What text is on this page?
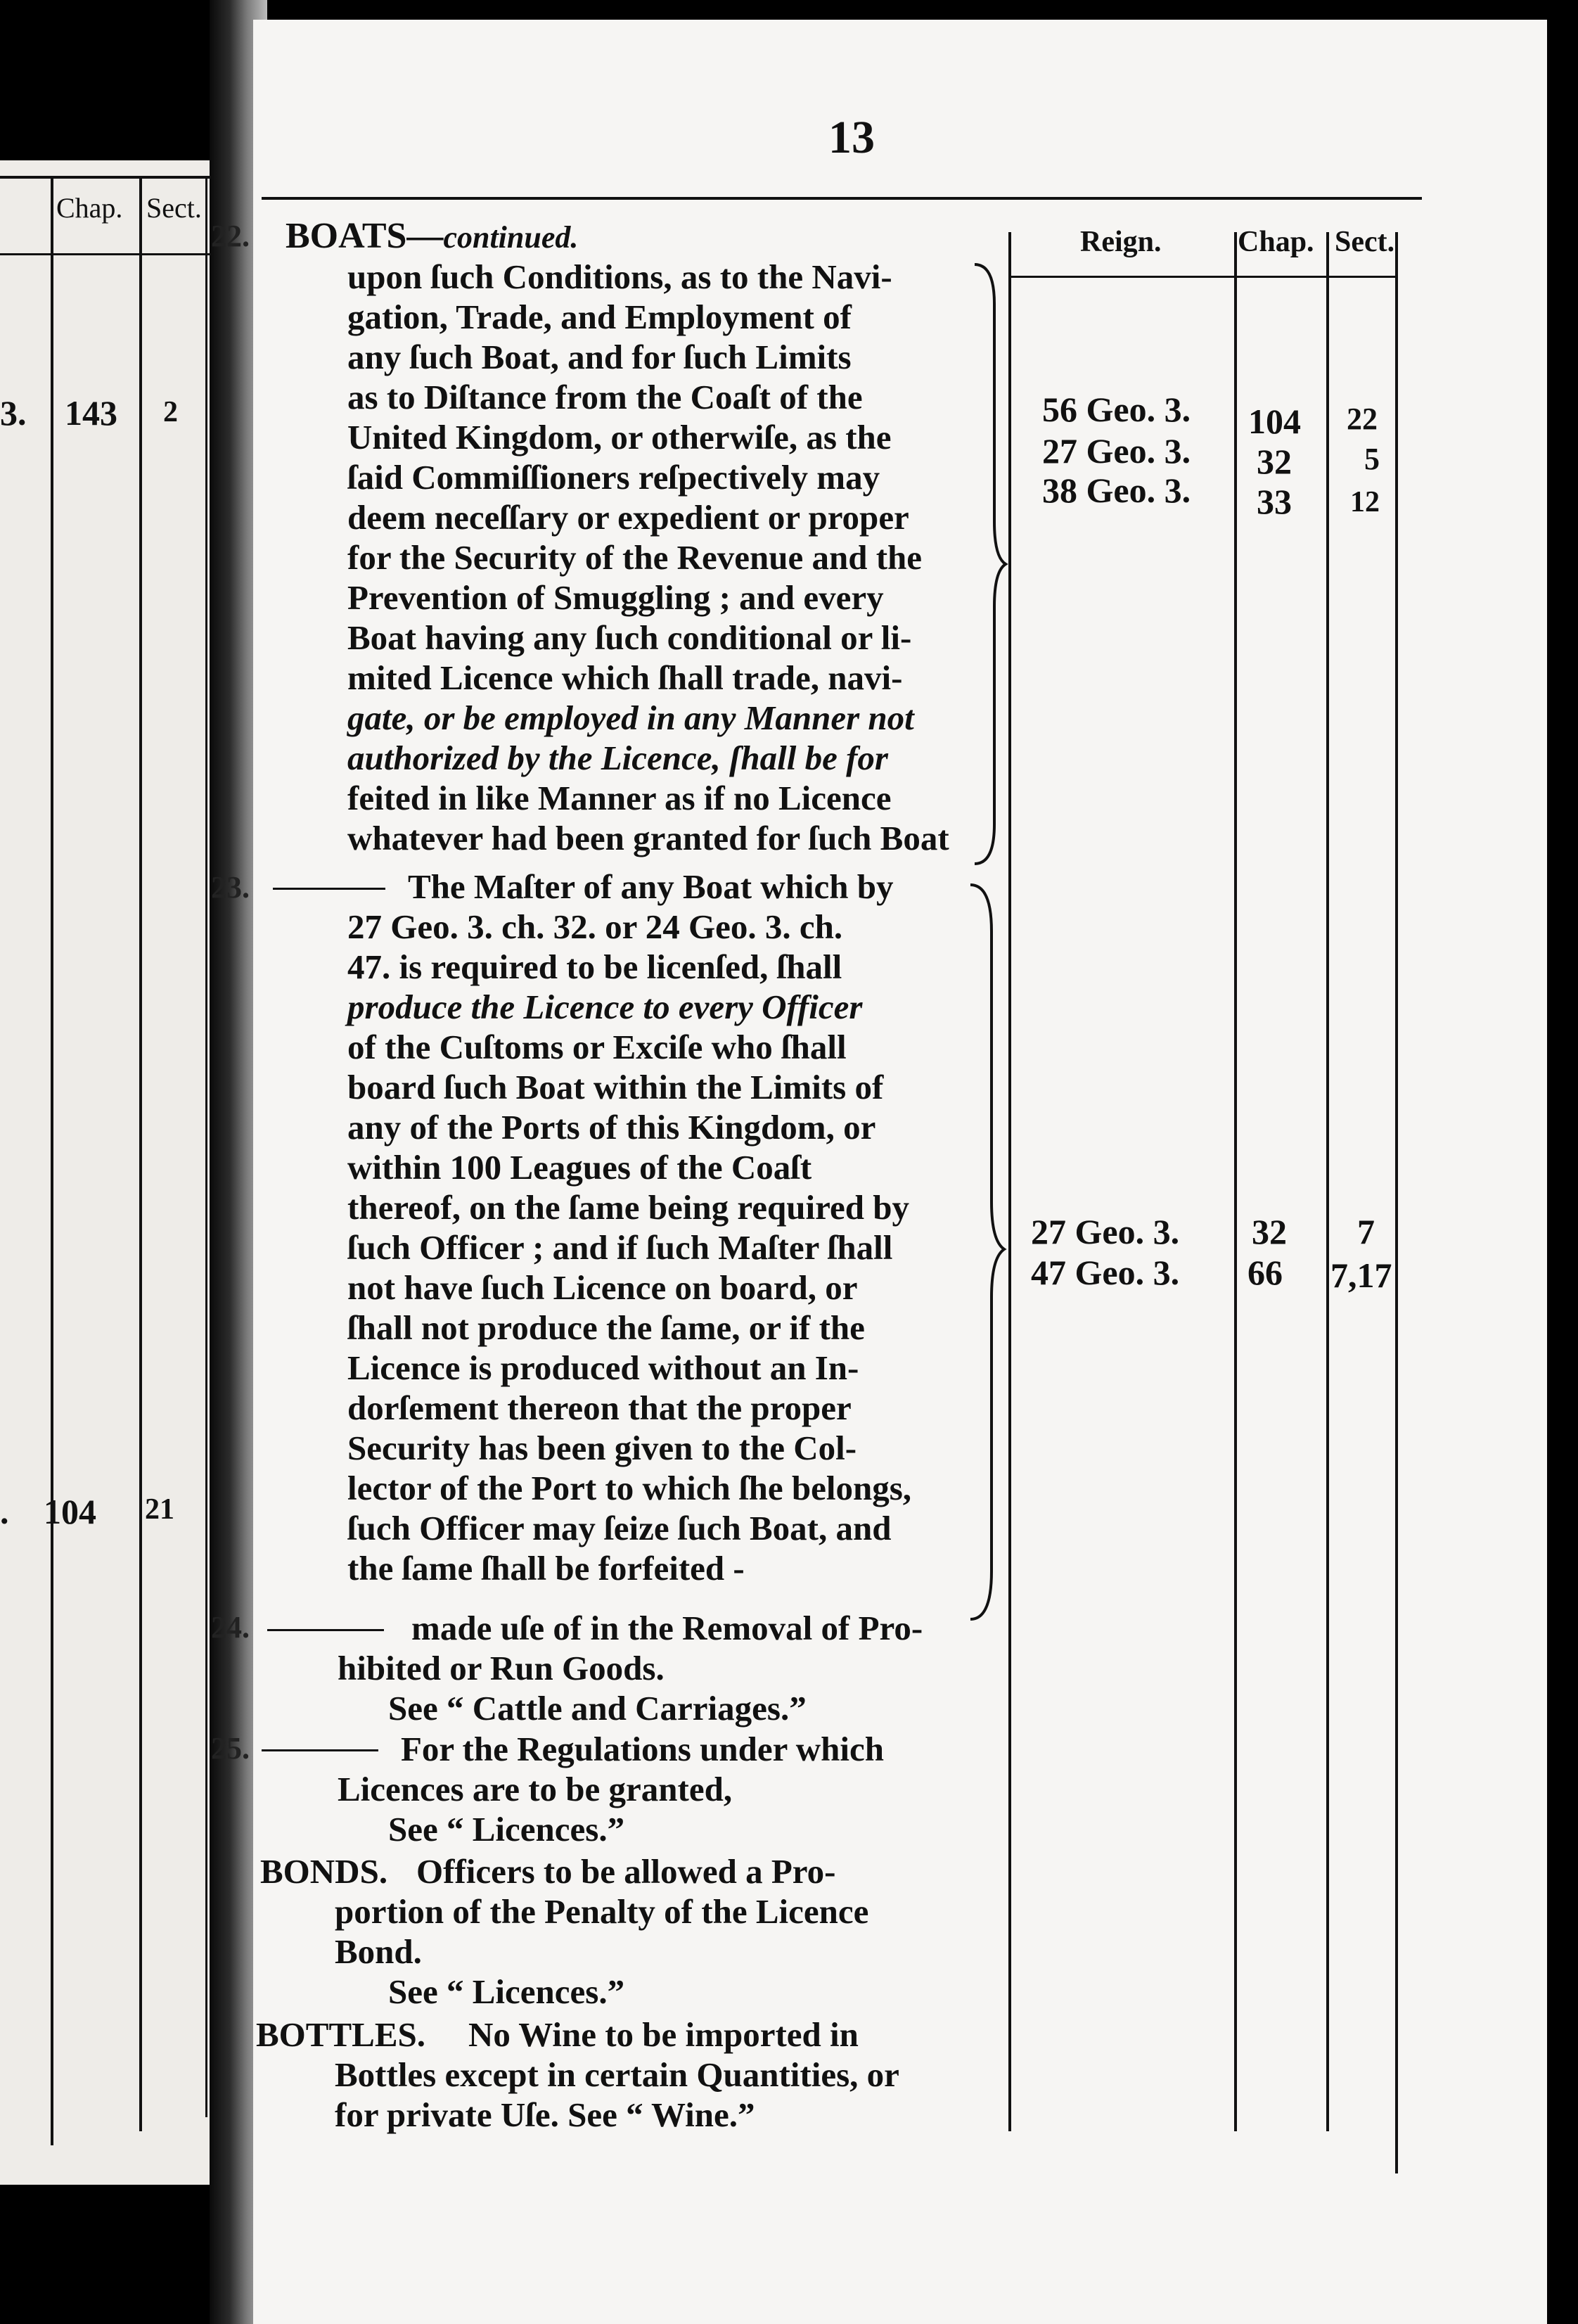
Chap. Sect.
3. 143 2
. 104 21
13
Reign.	Chap. Sect.
BOATS—continued.
22.
upon ſuch Conditions, as to the Navi-
gation, Trade, and Employment of
any ſuch Boat, and for ſuch Limits
as to Diſtance from the Coaſt of the
United Kingdom, or otherwiſe, as the
ſaid Commiſſioners reſpectively may
deem neceſſary or expedient or proper
for the Security of the Revenue and the
Prevention of Smuggling ; and every
Boat having any ſuch conditional or li-
mited Licence which ſhall trade, navi-
gate, or be employed in any Manner not
authorized by the Licence, ſhall be for
feited in like Manner as if no Licence
whatever had been granted for ſuch Boat
56 Geo. 3. 104 22
27 Geo. 3. 32 5
38 Geo. 3. 33 12
23.	The Maſter of any Boat which by
27 Geo. 3. ch. 32. or 24 Geo. 3. ch.
47. is required to be licenſed, ſhall
produce the Licence to every Officer
of the Cuſtoms or Exciſe who ſhall
board ſuch Boat within the Limits of
any of the Ports of this Kingdom, or
within 100 Leagues of the Coaſt
thereof, on the ſame being required by
ſuch Officer ; and if ſuch Maſter ſhall
not have ſuch Licence on board, or
ſhall not produce the ſame, or if the
Licence is produced without an In-
dorſement thereon that the proper
Security has been given to the Col-
lector of the Port to which ſhe belongs,
ſuch Officer may ſeize ſuch Boat, and
the ſame ſhall be forfeited -
27 Geo. 3. 32 7
47 Geo. 3. 66 7,17
24.	made uſe of in the Removal of Pro-
hibited or Run Goods.
See “ Cattle and Carriages.”
25.	For the Regulations under which
Licences are to be granted,
See “ Licences.”
BONDS. Officers to be allowed a Pro-
portion of the Penalty of the Licence
Bond.
See “ Licences.”
BOTTLES. No Wine to be imported in
Bottles except in certain Quantities, or
for private Uſe. See “ Wine.”
